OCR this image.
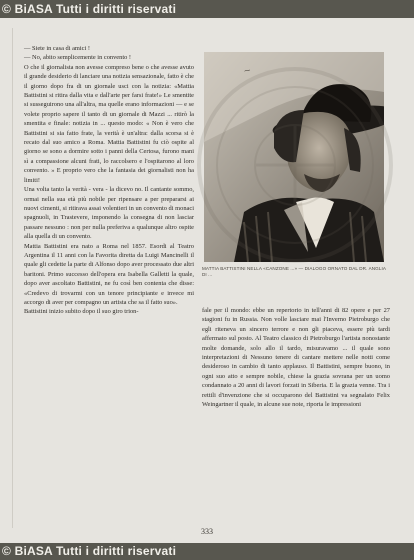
© BiASA Tutti i diritti riservati

— Siete in casa di amici !

— No, abito semplicemente in convento !

O che il giornalista non avesse compreso bene o che avesse avuto il grande desiderio di lanciare una notizia sensazionale, fatto è che il giorno dopo fra di un giornale usci con la notizia: «Mattia Battistini si ritira dalla vita e dall'arte per farsi frate!» Le smentite si susseguirono una all'altra, ma quelle erano informazioni — e se volete proprio sapere il tanto di un giornale di Mazzi ... ritirò la smentita e finale: notizia in ... questo modo: « Non è vero che Battistini si sia fatto frate, la verità è un'altra: dalla scorsa si è recato dal suo amico a Roma. Mattia Battistini fu ciò ospite al giorno se sono a dormire sotto i panni della Certosa, furono mani sì a compassione alcuni frati, lo raccolsero e l'ospitarono al loro convento. » E proprio vero che la fantasia dei giornalisti non ha limiti!

Una volta tanto la verità - vera - la dicevo no. Il cantante sommo, ormai nella sua età più nobile per ripensare a per prepararsi ai nuovi cimenti, si ritirava assai volentieri in un convento di monaci spagnuoli, in Trastevere, imponendo la consegna di non lasciar passare nessuno : non per nulla preferiva a qualunque altro ospite alla quella di un convento.

Mattia Battistini era nato a Roma nel 1857. Esordi al Teatro Argentina il 11 anni con la Favorita diretta da Luigi Mancinelli il quale gli cedette la parte di Alfonso dopo aver processato due altri baritoni. Primo successo dell'opera era Isabella Galletti la quale, dopo aver ascoltato Battistini, ne fu così ben contenta che disse: «Credevo di trovarmi con un tenore principiante e invece mi accorgo di aver per compagno un artista che sa il fatto suo».

Battistini inizio subito dopo il suo giro trion-

~
MATTIA BATTISTINI NELLA «CANZONE ...» — DIALOGO ORNATO DAL DR. ANGLIA DI ...

fale per il mondo: ebbe un repertorio in tell'anni di 82 opere e per 27 stagioni fu in Russia. Non volle lasciare mai l'Inverno Pietroburgo che egli riteneva un sincero terrore e non gli piaceva, essere più tardi affermato sul posto. Al Teatro classico di Pietroburgo l'artista nonostante molte domande, solo allo il tardo, misuravamo ... il quale sono interpretazioni di Nessuno tenere di cantare mettere nelle notti come desideroso in cambio di tanto applauso. Il Battistini, sempre buono, in ogni suo atto e sempre nobile, chiese la grazia sovrana per un uomo condannato a 20 anni di lavori forzati in Siberia. E la grazia venne. Tra i rettili d'invenzione che si occuparono del Battistini va segnalato Felix Weingartner il quale, in alcune sue note, riporta le impressioni

333
© BiASA Tutti i diritti riservati
